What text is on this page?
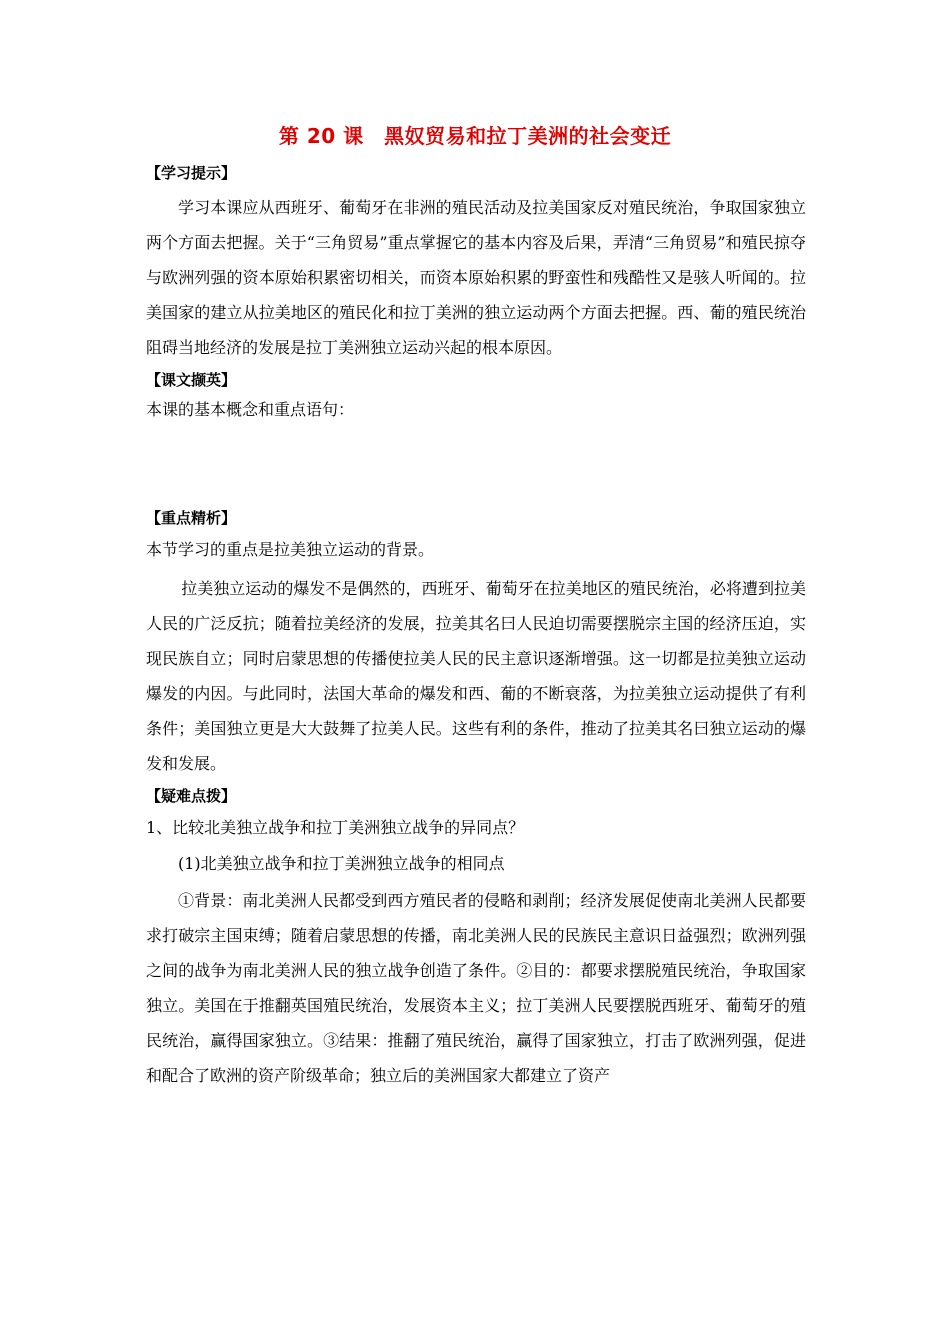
第 20 课　黑奴贸易和拉丁美洲的社会变迁

【学习提示】

学习本课应从西班牙、葡萄牙在非洲的殖民活动及拉美国家反对殖民统治，争取国家独立两个方面去把握。关于“三角贸易”重点掌握它的基本内容及后果，弄清“三角贸易”和殖民掠夺与欧洲列强的资本原始积累密切相关，而资本原始积累的野蛮性和残酷性又是骇人听闻的。拉美国家的建立从拉美地区的殖民化和拉丁美洲的独立运动两个方面去把握。西、葡的殖民统治阻碍当地经济的发展是拉丁美洲独立运动兴起的根本原因。

【课文撷英】

本课的基本概念和重点语句：

【重点精析】

本节学习的重点是拉美独立运动的背景。

拉美独立运动的爆发不是偶然的，西班牙、葡萄牙在拉美地区的殖民统治，必将遭到拉美人民的广泛反抗；随着拉美经济的发展，拉美其名曰人民迫切需要摆脱宗主国的经济压迫，实现民族自立；同时启蒙思想的传播使拉美人民的民主意识逐渐增强。这一切都是拉美独立运动爆发的内因。与此同时，法国大革命的爆发和西、葡的不断衰落，为拉美独立运动提供了有利条件；美国独立更是大大鼓舞了拉美人民。这些有利的条件，推动了拉美其名曰独立运动的爆发和发展。

【疑难点拨】

1、比较北美独立战争和拉丁美洲独立战争的异同点？

(1)北美独立战争和拉丁美洲独立战争的相同点

①背景：南北美洲人民都受到西方殖民者的侵略和剥削；经济发展促使南北美洲人民都要求打破宗主国束缚；随着启蒙思想的传播，南北美洲人民的民族民主意识日益强烈；欧洲列强之间的战争为南北美洲人民的独立战争创造了条件。②目的：都要求摆脱殖民统治，争取国家独立。美国在于推翻英国殖民统治，发展资本主义；拉丁美洲人民要摆脱西班牙、葡萄牙的殖民统治，赢得国家独立。③结果：推翻了殖民统治，赢得了国家独立，打击了欧洲列强，促进和配合了欧洲的资产阶级革命；独立后的美洲国家大都建立了资产
